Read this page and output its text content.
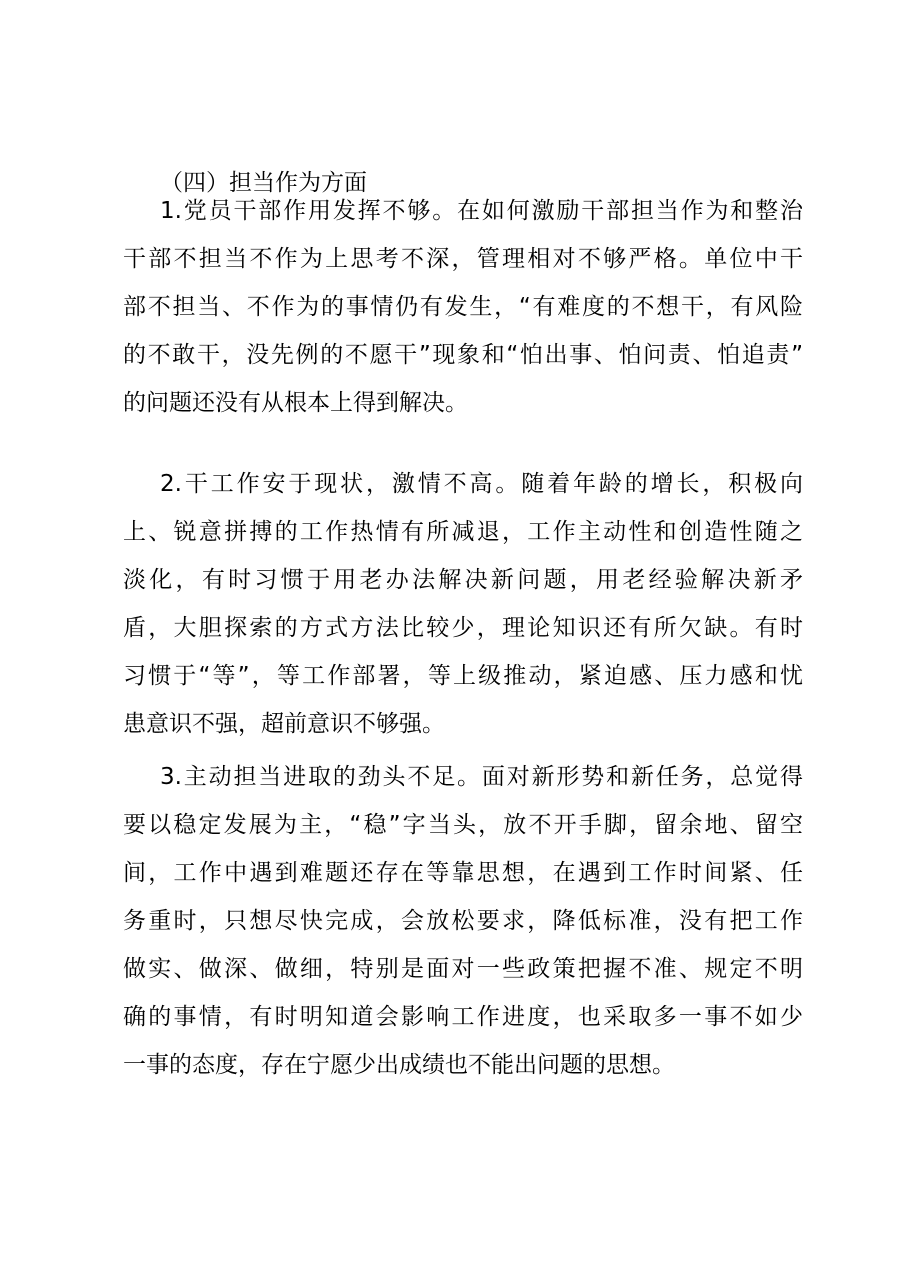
（四）担当作为方面
1.党员干部作用发挥不够。在如何激励干部担当作为和整治
干部不担当不作为上思考不深，管理相对不够严格。单位中干
部不担当、不作为的事情仍有发生，“有难度的不想干，有风险
的不敢干，没先例的不愿干”现象和“怕出事、怕问责、怕追责”
的问题还没有从根本上得到解决。
2.干工作安于现状，激情不高。随着年龄的增长，积极向
上、锐意拼搏的工作热情有所减退，工作主动性和创造性随之
淡化，有时习惯于用老办法解决新问题，用老经验解决新矛
盾，大胆探索的方式方法比较少，理论知识还有所欠缺。有时
习惯于“等”，等工作部署，等上级推动，紧迫感、压力感和忧
患意识不强，超前意识不够强。
3.主动担当进取的劲头不足。面对新形势和新任务，总觉得
要以稳定发展为主，“稳”字当头，放不开手脚，留余地、留空
间，工作中遇到难题还存在等靠思想，在遇到工作时间紧、任
务重时，只想尽快完成，会放松要求，降低标准，没有把工作
做实、做深、做细，特别是面对一些政策把握不准、规定不明
确的事情，有时明知道会影响工作进度，也采取多一事不如少
一事的态度，存在宁愿少出成绩也不能出问题的思想。
